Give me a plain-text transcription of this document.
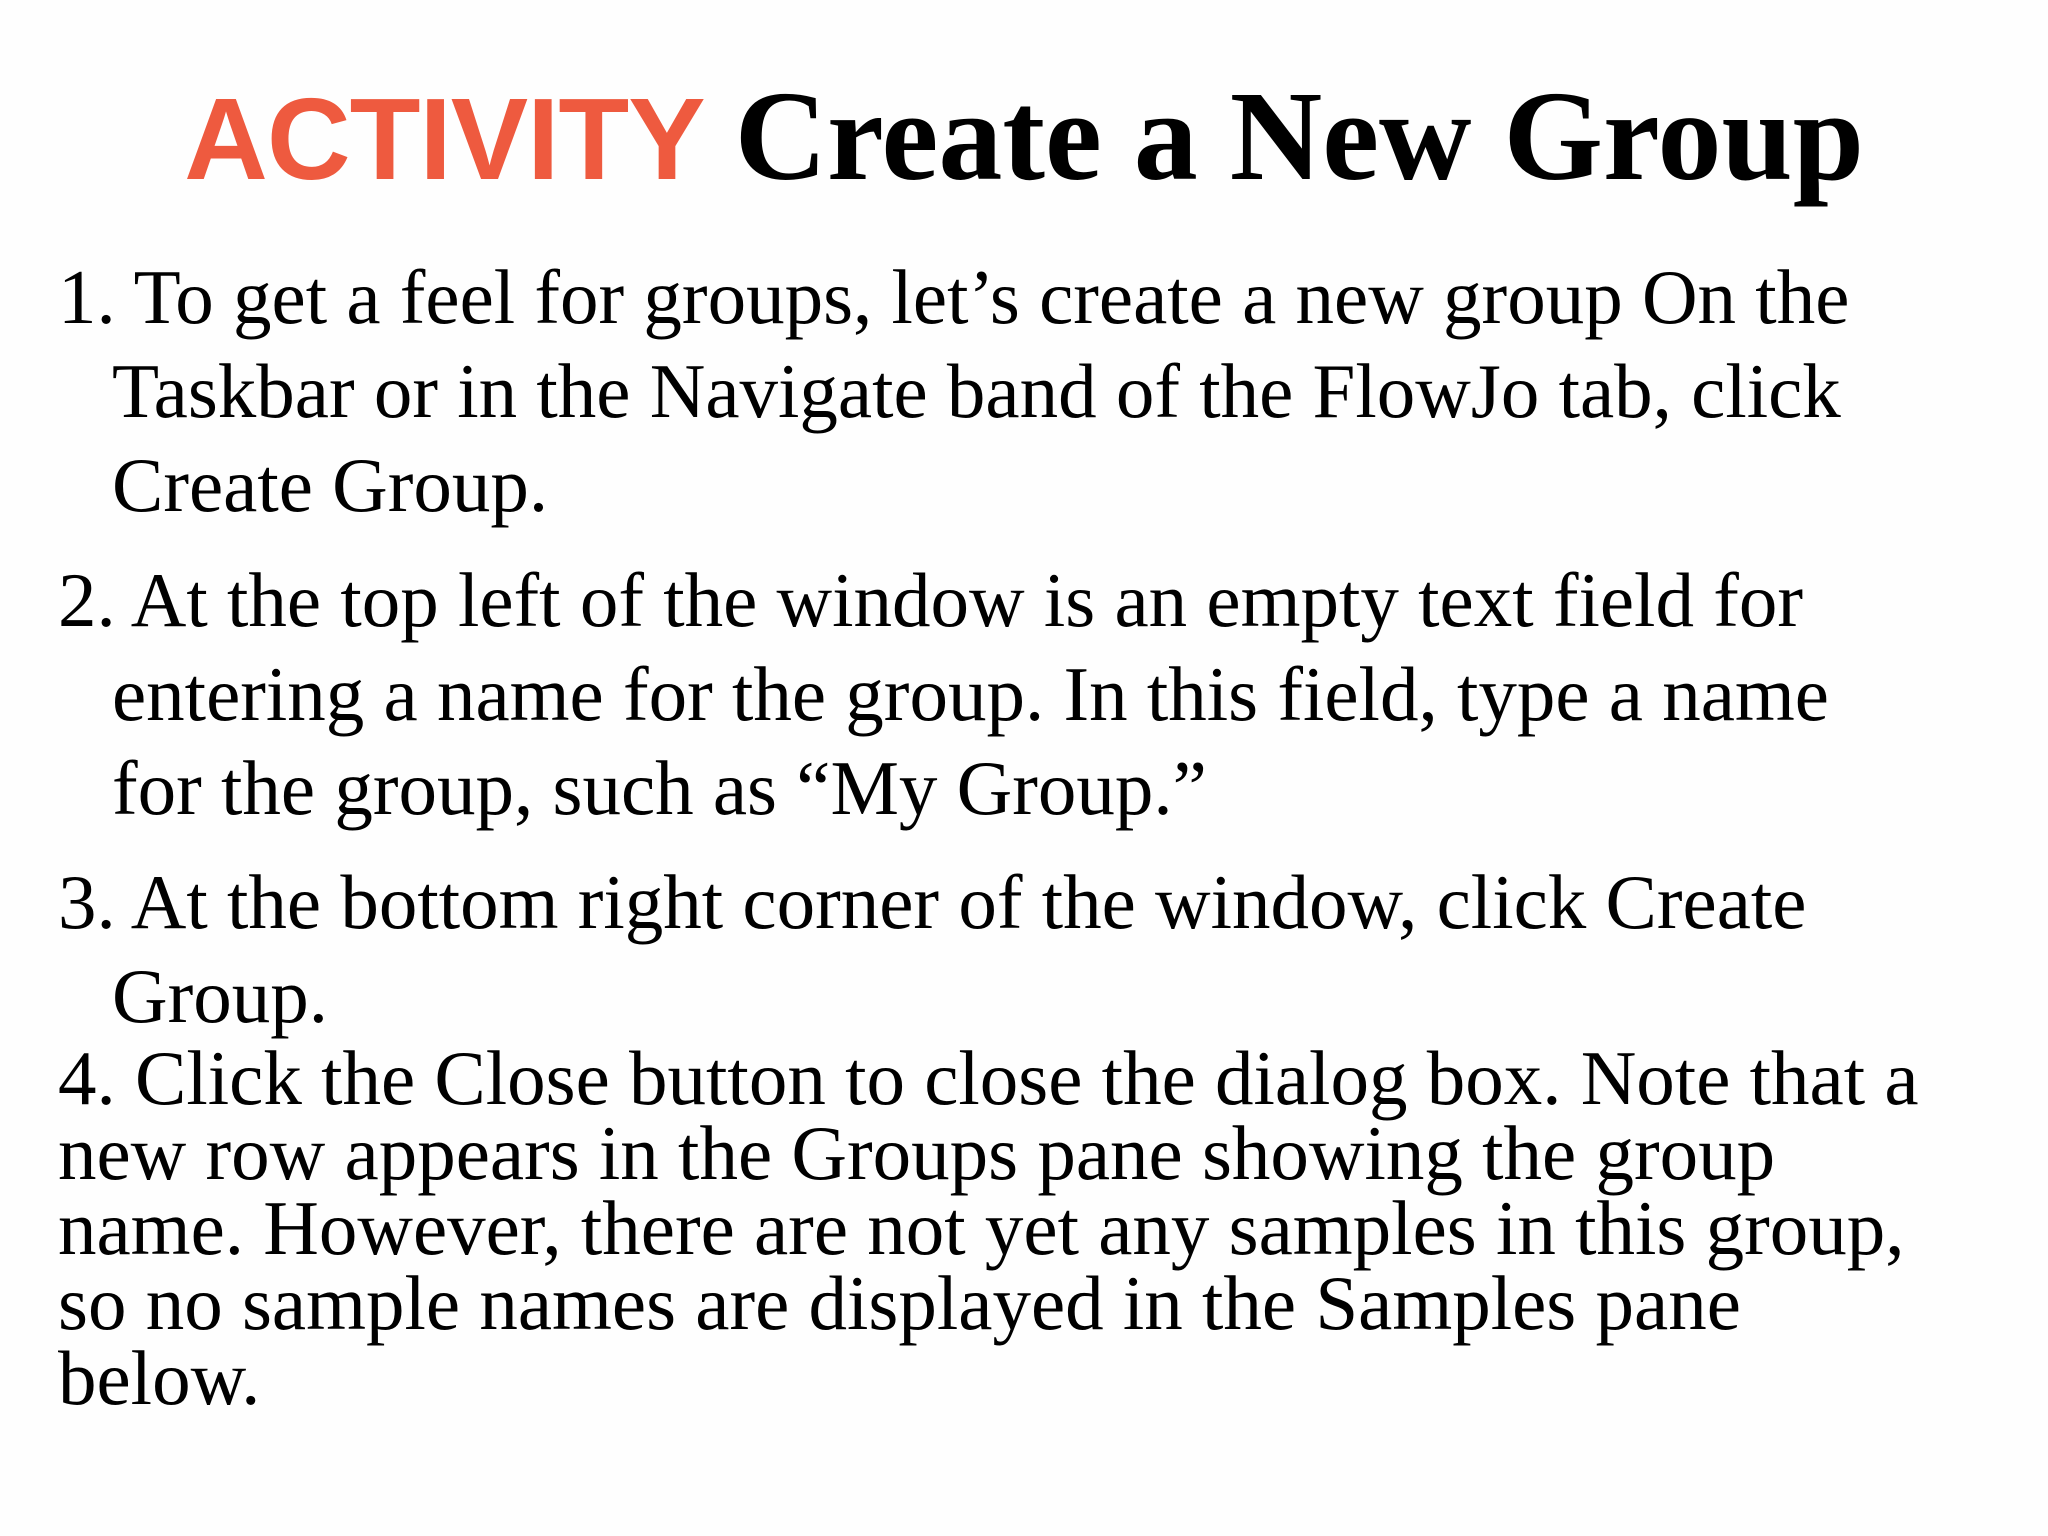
ACTIVITY Create a New Group
1. To get a feel for groups, let’s create a new group On the
Taskbar or in the Navigate band of the FlowJo tab, click
Create Group.
2. At the top left of the window is an empty text field for
entering a name for the group. In this field, type a name
for the group, such as “My Group.”
3. At the bottom right corner of the window, click Create
Group.
4. Click the Close button to close the dialog box. Note that a
new row appears in the Groups pane showing the group
name. However, there are not yet any samples in this group,
so no sample names are displayed in the Samples pane
below.
